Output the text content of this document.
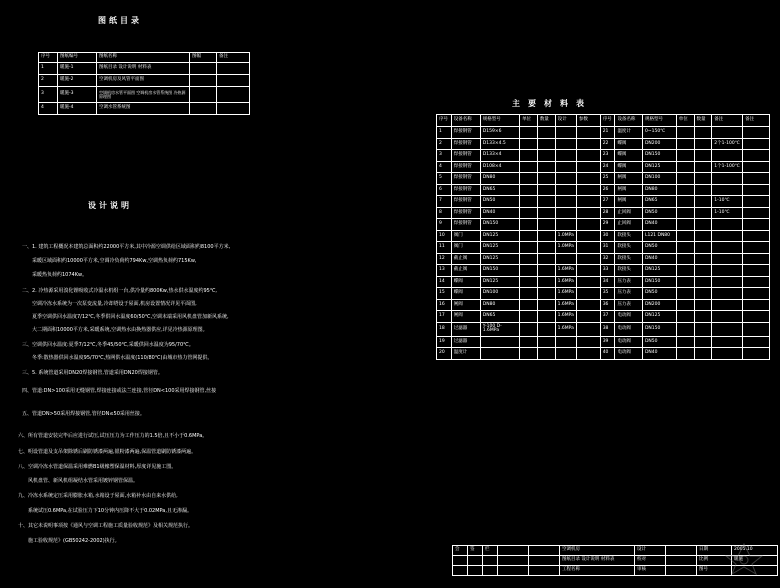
图纸目录
序号	图纸编号	图纸名称	图幅	备注
1	暖施-1	图纸目录 设计说明 材料表		
2	暖施-2	空调机房及风管平面图		
3	暖施-3	空调机房水管平面图 空调机房水管系统图 冷热源原理图		
4	暖施-4	空调水管系统图		
设计说明

一、1. 建筑工程概况本建筑总面积约22000平方米,其中冷源空调供给区域面积约8100平方米,

采暖区域面积约10000平方米,空调冷负荷约794Kw,空调热负荷约715Kw,

采暖热负荷约1074Kw。

二、2. 冷热源采用溴化锂吸收式冷温水机组一台,供冷量约800Kw,热水供水温度约95℃,

空调冷冻水系统为一次泵变流量,冷却塔设于屋面,机房设置情况详见平面图,

夏季空调供回水温度7/12℃,冬季供回水温度60/50℃,空调末端采用风机盘管加新风系统,

大二期面积10000平方米,采暖系统,空调热水由换热器供应,详见冷热源原理图。

三、空调供回水温度:夏季7/12℃,冬季45/50℃,采暖供回水温度为95/70℃。

冬季:散热器供回水温度95/70℃,热网供水温度(110/80℃)由城市热力管网提供。

三、5. 系统管道采用DN20焊接钢管,管道采用DN20焊接钢管。

四、管道:DN>100采用无缝钢管,焊接连接或法兰连接,管径DN<100采用焊接钢管,丝接

五、管道DN>50采用焊接钢管,管径DN≤50采用丝接。

六、所有管道安装完毕后应进行试压,试压压力为工作压力的1.5倍,且不小于0.6MPa。

七、明设管道及支吊架除锈后刷防锈漆两遍,银粉漆两遍,保温管道刷防锈漆两遍。

八、空调冷冻水管道保温采用难燃B1级橡塑保温材料,厚度详见施工图。

风机盘管、新风机组凝结水管采用镀锌钢管保温。

九、冷冻水系统定压采用膨胀水箱,水箱设于屋面,水箱补水由自来水供给,

系统试压0.6MPa,在试验压力下10分钟内压降不大于0.02MPa,且无渗漏。

十、其它未说明事项按《通风与空调工程施工质量验收规范》及相关规范执行。

施工验收规范》(GB50242-2002)执行。

主要材料表
序号	设备名称	规格型号	单位	数量	设计	参数	序号	设备名称	规格型号	单位	数量	备注	备注
1	焊接钢管	D159×6					21	温度计	0~150℃				
2	焊接钢管	D133×4.5					22	蝶阀	DN200			2个1-100℃	
3	焊接钢管	D133×4					23	蝶阀	DN150				
4	焊接钢管	D108×4					24	蝶阀	DN125			1个1-100℃	
5	焊接钢管	DN80					25	闸阀	DN100				
6	焊接钢管	DN65					26	闸阀	DN80				
7	焊接钢管	DN50					27	闸阀	DN65			1-10℃	
8	焊接钢管	DN40					28	止回阀	DN50			1-10℃	
9	焊接钢管	DN150					29	止回阀	DN40				
10	阀门	DN125			1.0MPa		30	软接头	L121 DN80				
11	阀门	DN125			1.0MPa		31	软接头	DN50				
12	截止阀	DN125					32	软接头	DN40				
13	截止阀	DN150			1.6MPa		33	软接头	DN125				
14	蝶阀	DN125			1.6MPa		34	压力表	DN150				
15	蝶阀	DN100			1.6MPa		35	压力表	DN50				
16	闸阀	DN80			1.6MPa		36	压力表	DN200				
17	闸阀	DN65			1.6MPa		37	电动阀	DN125				
18	过滤器	Y-100 D-1.6MPa			1.6MPa		38	电动阀	DN150				
19	过滤器						39	电动阀	DN50				
20	温度计						40	电动阀	DN40				
会	签	栏			空调机房	设计		日期	2005.10
					图纸目录 设计说明 材料表	校对		比例	暖施
					工程名称	审核		图号	
